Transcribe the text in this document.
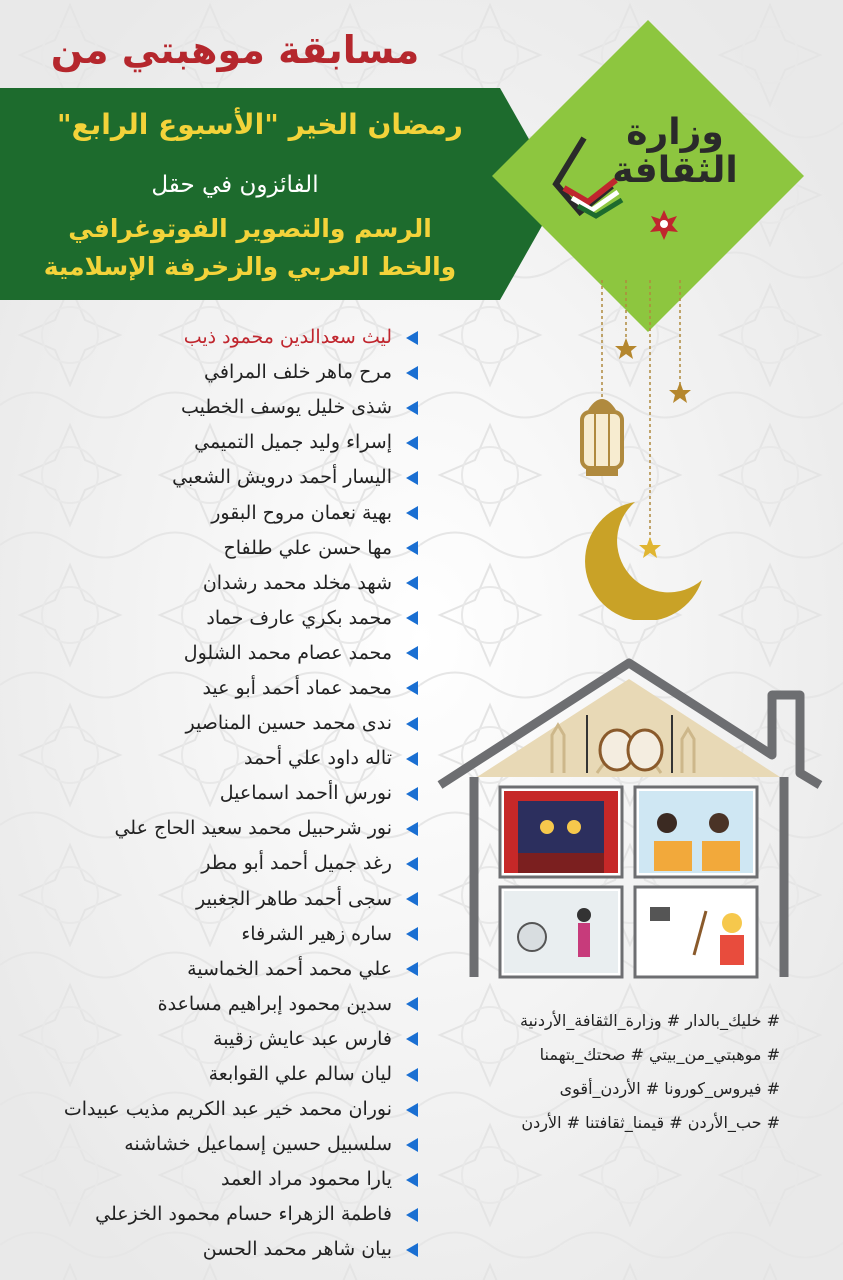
مسابقة موهبتي من
رمضان الخير "الأسبوع الرابع"
الفائزون في حقل
الرسم والتصوير الفوتوغرافي
والخط العربي والزخرفة الإسلامية
وزارة
الثقافة
ليث سعدالدين محمود ذيب
مرح ماهر خلف المرافي
شذى خليل يوسف الخطيب
إسراء وليد جميل التميمي
اليسار أحمد درويش الشعبي
بهية نعمان مروح البقور
مها حسن علي طلفاح
شهد مخلد محمد رشدان
محمد بكري عارف حماد
محمد عصام محمد الشلول
محمد عماد أحمد أبو عيد
ندى محمد حسين المناصير
تاله داود علي أحمد
نورس اأحمد اسماعيل
نور شرحبيل محمد سعيد الحاج علي
رغد جميل أحمد أبو مطر
سجى أحمد طاهر الجغبير
ساره زهير الشرفاء
علي محمد أحمد الخماسية
سدين محمود إبراهيم مساعدة
فارس عبد عايش زقيبة
ليان سالم علي القوابعة
نوران محمد خير عبد الكريم مذيب عبيدات
سلسبيل حسين إسماعيل خشاشنه
يارا محمود مراد العمد
فاطمة الزهراء حسام محمود الخزعلي
بيان شاهر محمد الحسن
# خليك_بالدار # وزارة_الثقافة_الأردنية
# موهبتي_من_بيتي # صحتك_بتهمنا
# فيروس_كورونا # الأردن_أقوى
# حب_الأردن # قيمنا_ثقافتنا # الأردن
